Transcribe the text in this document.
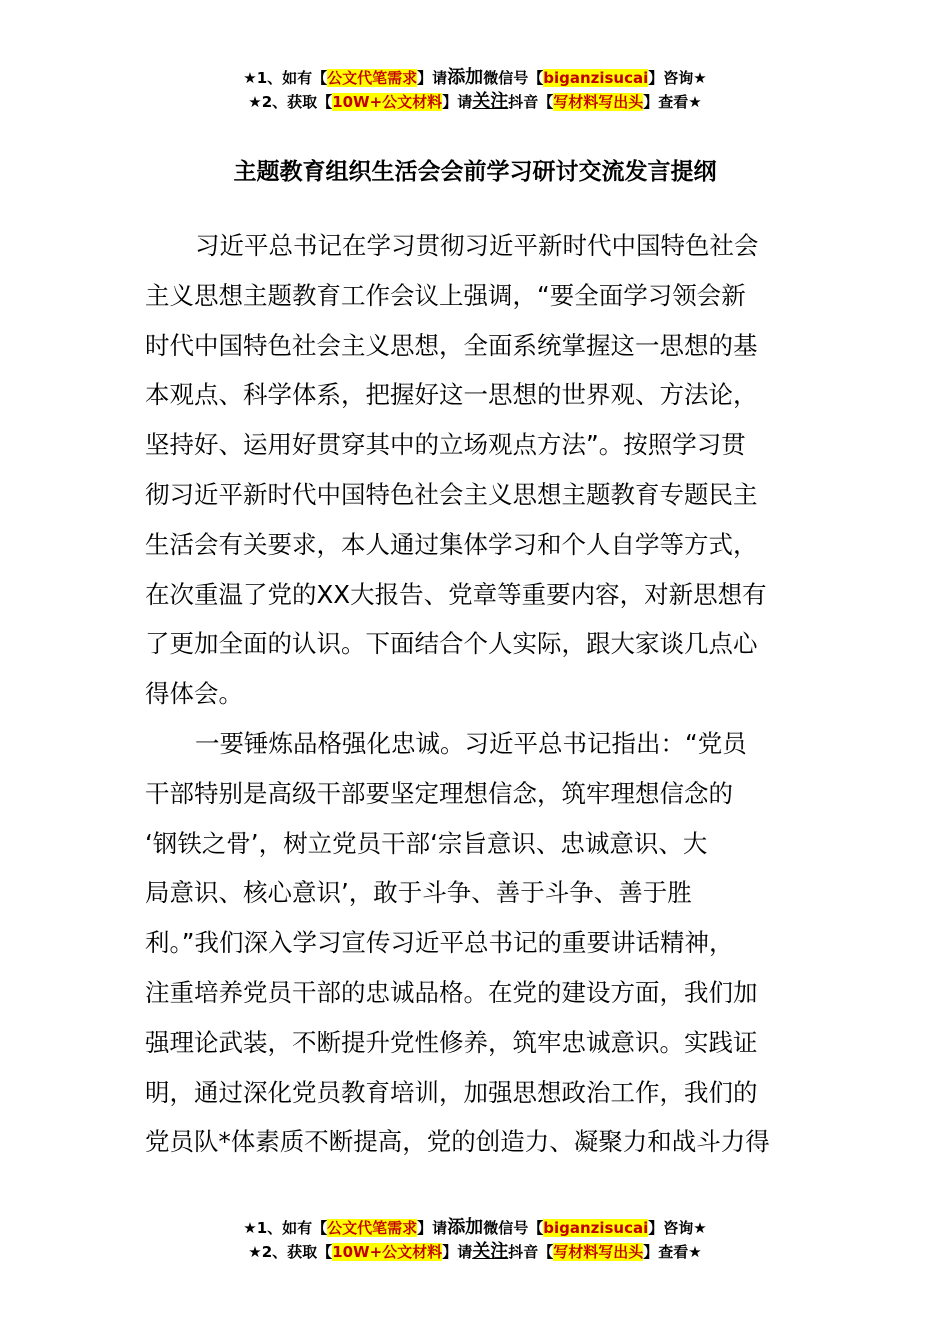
★1、如有【公文代笔需求】请添加微信号【biganzisucai】咨询★
★2、获取【10W+公文材料】请关注抖音【写材料写出头】查看★
主题教育组织生活会会前学习研讨交流发言提纲
习近平总书记在学习贯彻习近平新时代中国特色社会
主义思想主题教育工作会议上强调，“要全面学习领会新
时代中国特色社会主义思想，全面系统掌握这一思想的基
本观点、科学体系，把握好这一思想的世界观、方法论，
坚持好、运用好贯穿其中的立场观点方法”。按照学习贯
彻习近平新时代中国特色社会主义思想主题教育专题民主
生活会有关要求，本人通过集体学习和个人自学等方式，
在次重温了党的XX大报告、党章等重要内容，对新思想有
了更加全面的认识。下面结合个人实际，跟大家谈几点心
得体会。
一要锤炼品格强化忠诚。习近平总书记指出：“党员
干部特别是高级干部要坚定理想信念，筑牢理想信念的
‘钢铁之骨’，树立党员干部‘宗旨意识、忠诚意识、大
局意识、核心意识’，敢于斗争、善于斗争、善于胜
利。”我们深入学习宣传习近平总书记的重要讲话精神，
注重培养党员干部的忠诚品格。在党的建设方面，我们加
强理论武装，不断提升党性修养，筑牢忠诚意识。实践证
明，通过深化党员教育培训，加强思想政治工作，我们的
党员队*体素质不断提高，党的创造力、凝聚力和战斗力得
★1、如有【公文代笔需求】请添加微信号【biganzisucai】咨询★
★2、获取【10W+公文材料】请关注抖音【写材料写出头】查看★
